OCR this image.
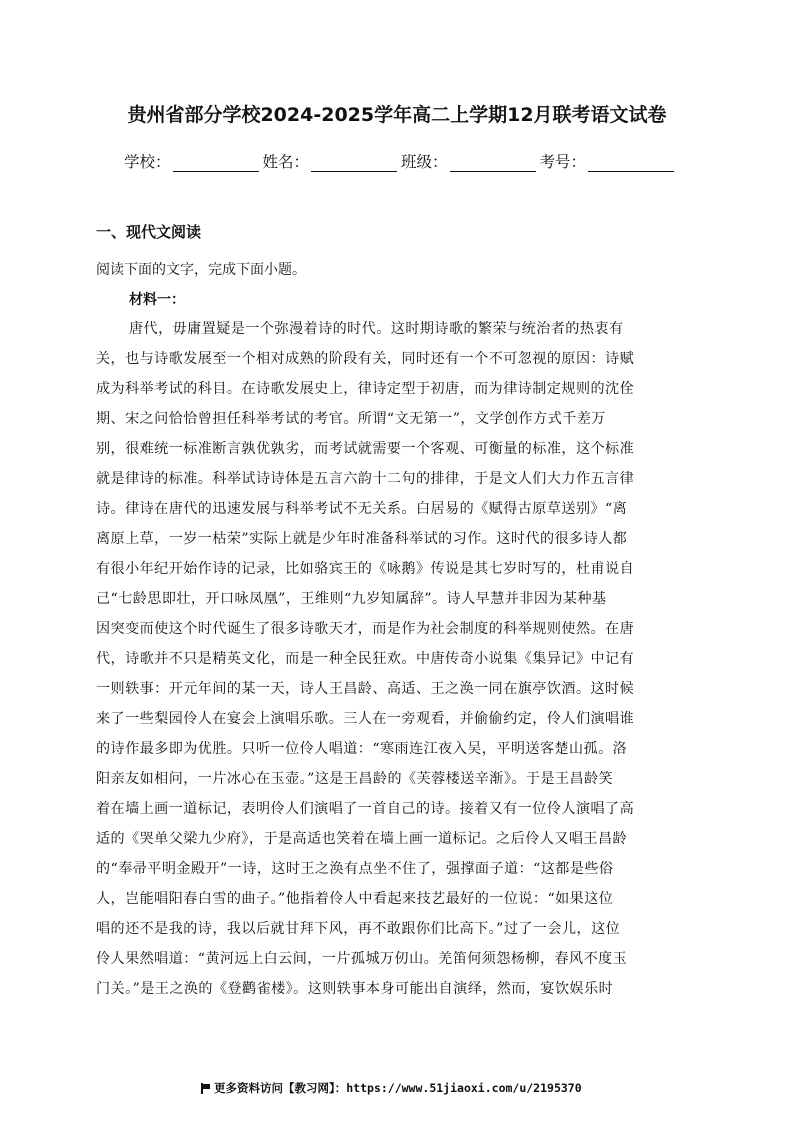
贵州省部分学校2024-2025学年高二上学期12月联考语文试卷
学校：	姓名：	班级：	考号：
一、现代文阅读
阅读下面的文字，完成下面小题。
材料一：
唐代，毋庸置疑是一个弥漫着诗的时代。这时期诗歌的繁荣与统治者的热衷有
关，也与诗歌发展至一个相对成熟的阶段有关，同时还有一个不可忽视的原因：诗赋
成为科举考试的科目。在诗歌发展史上，律诗定型于初唐，而为律诗制定规则的沈佺
期、宋之问恰恰曾担任科举考试的考官。所谓“文无第一”，文学创作方式千差万
别，很难统一标准断言孰优孰劣，而考试就需要一个客观、可衡量的标准，这个标准
就是律诗的标准。科举试诗诗体是五言六韵十二句的排律，于是文人们大力作五言律
诗。律诗在唐代的迅速发展与科举考试不无关系。白居易的《赋得古原草送别》“离
离原上草，一岁一枯荣”实际上就是少年时准备科举试的习作。这时代的很多诗人都
有很小年纪开始作诗的记录，比如骆宾王的《咏鹅》传说是其七岁时写的，杜甫说自
己“七龄思即壮，开口咏凤凰”，王维则“九岁知属辞”。诗人早慧并非因为某种基
因突变而使这个时代诞生了很多诗歌天才，而是作为社会制度的科举规则使然。在唐
代，诗歌并不只是精英文化，而是一种全民狂欢。中唐传奇小说集《集异记》中记有
一则轶事：开元年间的某一天，诗人王昌龄、高适、王之涣一同在旗亭饮酒。这时候
来了一些梨园伶人在宴会上演唱乐歌。三人在一旁观看，并偷偷约定，伶人们演唱谁
的诗作最多即为优胜。只听一位伶人唱道：“寒雨连江夜入吴，平明送客楚山孤。洛
阳亲友如相问，一片冰心在玉壶。”这是王昌龄的《芙蓉楼送辛渐》。于是王昌龄笑
着在墙上画一道标记，表明伶人们演唱了一首自己的诗。接着又有一位伶人演唱了高
适的《哭单父梁九少府》，于是高适也笑着在墙上画一道标记。之后伶人又唱王昌龄
的“奉帚平明金殿开”一诗，这时王之涣有点坐不住了，强撑面子道：“这都是些俗
人，岂能唱阳春白雪的曲子。”他指着伶人中看起来技艺最好的一位说：“如果这位
唱的还不是我的诗，我以后就甘拜下风，再不敢跟你们比高下。”过了一会儿，这位
伶人果然唱道：“黄河远上白云间，一片孤城万仞山。羌笛何须怨杨柳，春风不度玉
门关。”是王之涣的《登鹳雀楼》。这则轶事本身可能出自演绎，然而，宴饮娱乐时
更多资料访问【教习网】：https://www.51jiaoxi.com/u/2195370
